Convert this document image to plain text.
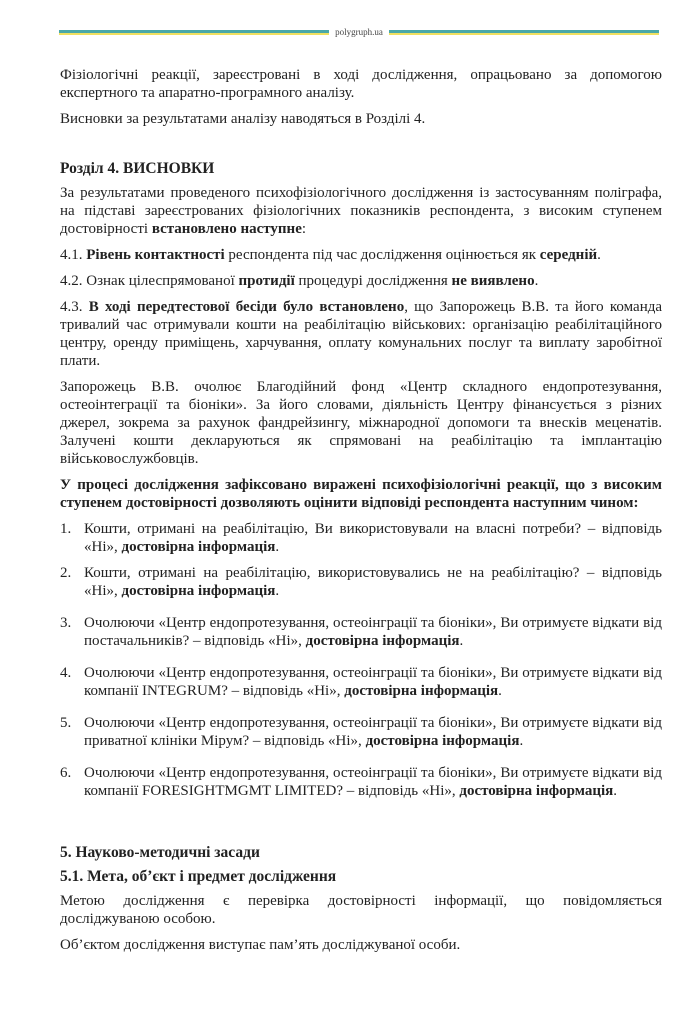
polygruph.ua

Фізіологічні реакції, зареєстровані в ході дослідження, опрацьовано за допомогою експертного та апаратно-програмного аналізу.

Висновки за результатами аналізу наводяться в Розділі 4.

Розділ 4. ВИСНОВКИ

За результатами проведеного психофізіологічного дослідження із застосуванням поліграфа, на підставі зареєстрованих фізіологічних показників респондента, з високим ступенем достовірності встановлено наступне:

4.1. Рівень контактності респондента під час дослідження оцінюється як середній.

4.2. Ознак цілеспрямованої протидії процедурі дослідження не виявлено.

4.3. В ході передтестової бесіди було встановлено, що Запорожець В.В. та його команда тривалий час отримували кошти на реабілітацію військових: організацію реабілітаційного центру, оренду приміщень, харчування, оплату комунальних послуг та виплату заробітної плати.

Запорожець В.В. очолює Благодійний фонд «Центр складного ендопротезування, остеоінтеграції та біоніки». За його словами, діяльність Центру фінансується з різних джерел, зокрема за рахунок фандрейзингу, міжнародної допомоги та внесків меценатів. Залучені кошти декларуються як спрямовані на реабілітацію та імплантацію військовослужбовців.

У процесі дослідження зафіксовано виражені психофізіологічні реакції, що з високим ступенем достовірності дозволяють оцінити відповіді респондента наступним чином:

1. Кошти, отримані на реабілітацію, Ви використовували на власні потреби? – відповідь «Ні», достовірна інформація.
2. Кошти, отримані на реабілітацію, використовувались не на реабілітацію? – відповідь «Ні», достовірна інформація.
3. Очолюючи «Центр ендопротезування, остеоінграції та біоніки», Ви отримуєте відкати від постачальників? – відповідь «Ні», достовірна інформація.
4. Очолюючи «Центр ендопротезування, остеоінграції та біоніки», Ви отримуєте відкати від компанії INTEGRUM? – відповідь «Ні», достовірна інформація.
5. Очолюючи «Центр ендопротезування, остеоінграції та біоніки», Ви отримуєте відкати від приватної клініки Мірум? – відповідь «Ні», достовірна інформація.
6. Очолюючи «Центр ендопротезування, остеоінграції та біоніки», Ви отримуєте відкати від компанії FORESIGHTMGMT LIMITED? – відповідь «Ні», достовірна інформація.

5. Науково-методичні засади

5.1. Мета, об’єкт і предмет дослідження

Метою дослідження є перевірка достовірності інформації, що повідомляється досліджуваною особою.

Об’єктом дослідження виступає пам’ять досліджуваної особи.
